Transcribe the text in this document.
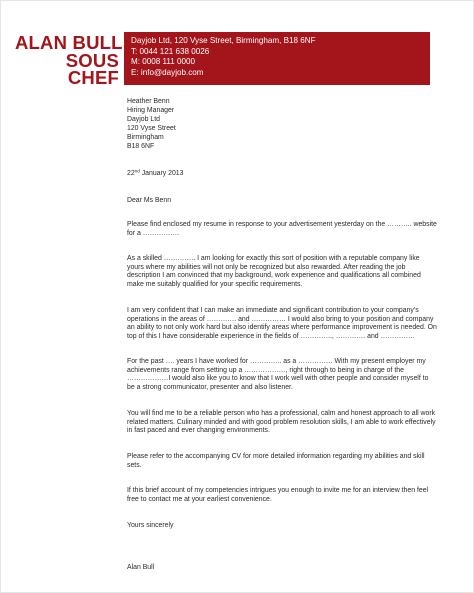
ALAN BULL
SOUS
CHEF
Dayjob Ltd, 120 Vyse Street, Birmingham, B18 6NF
T: 0044 121 638 0026
M: 0008 111 0000
E: info@dayjob.com
Heather Benn
Hiring Manager
Dayjob Ltd
120 Vyse Street
Birmingham
B18 6NF
22nd January 2013
Dear Ms Benn

Please find enclosed my resume in response to your advertisement yesterday on the ……….. website for a …………….

As a skilled ………….. I am looking for exactly this sort of position with a reputable company like yours where my abilities will not only be recognized but also rewarded. After reading the job description I am convinced that my background, work experience and qualifications all combined make me suitably qualified for your specific requirements.

I am very confident that I can make an immediate and significant contribution to your company's operations in the areas of …………. and …………… I would also bring to your position and company an ability to not only work hard but also identify areas where performance improvement is needed. On top of this I have considerable experience in the fields of ………….., …………. and ……………

For the past …. years I have worked for ………….. as a …………… With my present employer my achievements range from setting up a ………………, right through to being in charge of the ………………I would also like you to know that I work well with other people and consider myself to be a strong communicator, presenter and also listener.

You will find me to be a reliable person who has a professional, calm and honest approach to all work related matters. Culinary minded and with good problem resolution skills, I am able to work effectively in fast paced and ever changing environments.

Please refer to the accompanying CV for more detailed information regarding my abilities and skill sets.

If this brief account of my competencies intrigues you enough to invite me for an interview then feel free to contact me at your earliest convenience.

Yours sincerely
Alan Bull
